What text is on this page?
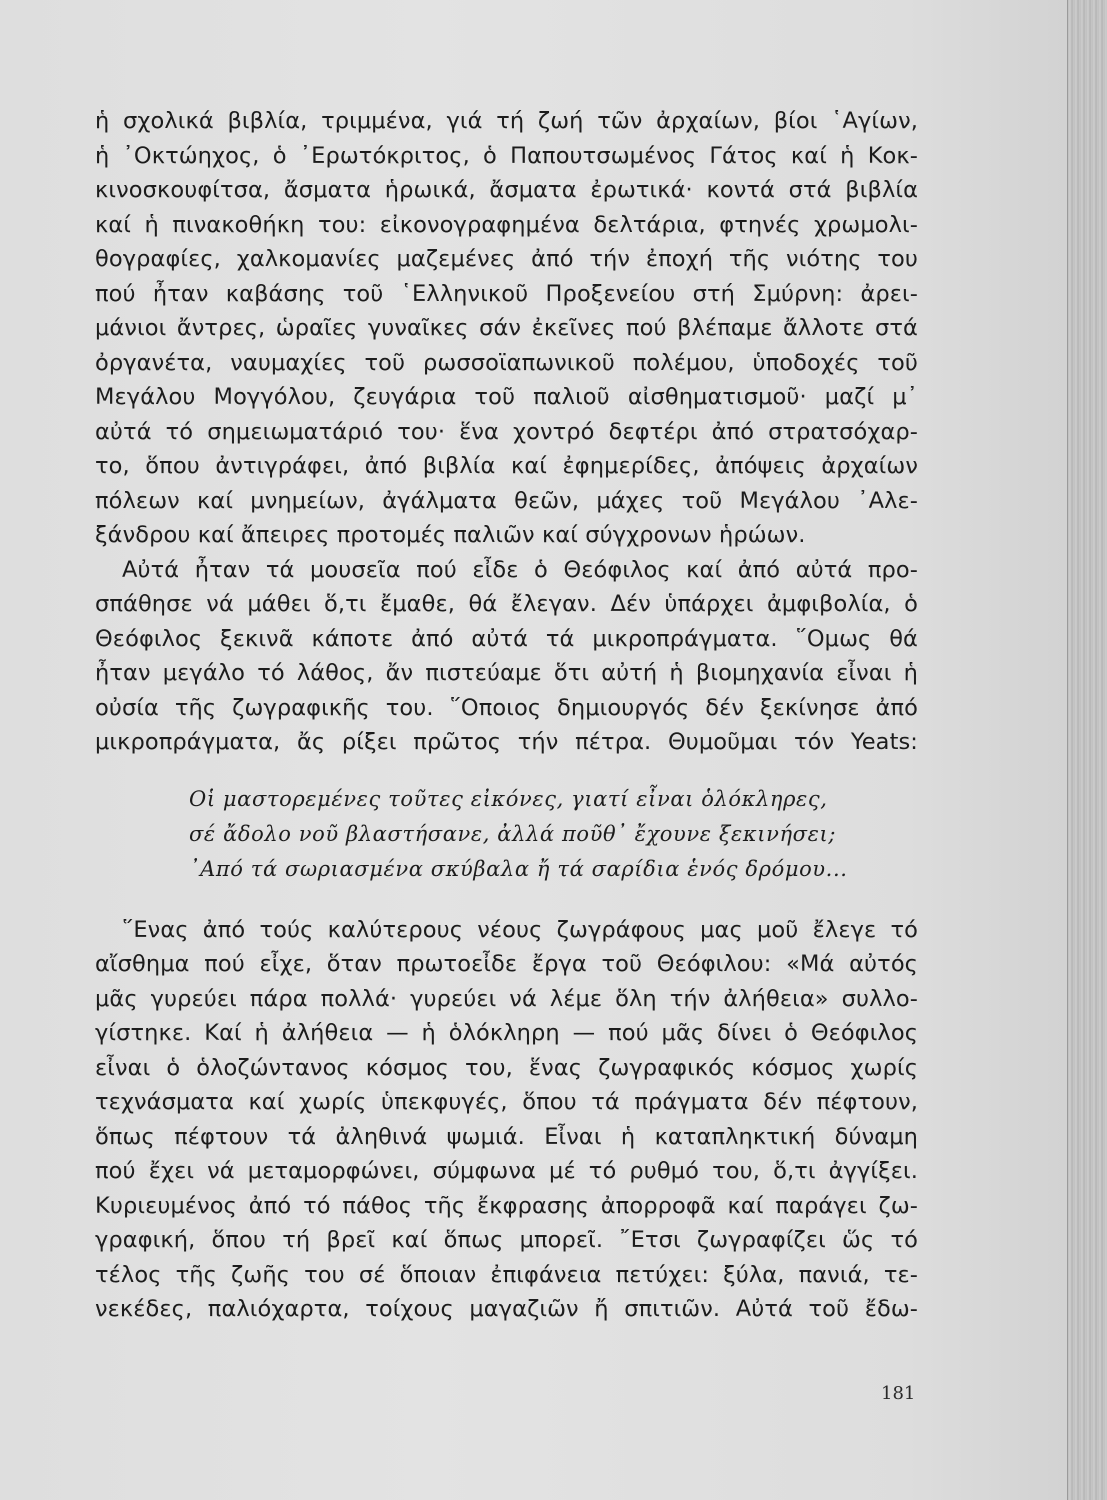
ἡ σχολικά βιβλία, τριμμένα, γιά τή ζωή τῶν ἀρχαίων, βίοι ῾Αγίων,
ἡ ᾿Οκτώηχος, ὁ ᾿Ερωτόκριτος, ὁ Παπουτσωμένος Γάτος καί ἡ Κοκ-
κινοσκουφίτσα, ἄσματα ἡρωικά, ἄσματα ἐρωτικά· κοντά στά βιβλία
καί ἡ πινακοθήκη του: εἰκονογραφημένα δελτάρια, φτηνές χρωμολι-
θογραφίες, χαλκομανίες μαζεμένες ἀπό τήν ἐποχή τῆς νιότης του
πού ἦταν καβάσης τοῦ ῾Ελληνικοῦ Προξενείου στή Σμύρνη: ἀρει-
μάνιοι ἄντρες, ὡραῖες γυναῖκες σάν ἐκεῖνες πού βλέπαμε ἄλλοτε στά
ὀργανέτα, ναυμαχίες τοῦ ρωσσοϊαπωνικοῦ πολέμου, ὑποδοχές τοῦ
Μεγάλου Μογγόλου, ζευγάρια τοῦ παλιοῦ αἰσθηματισμοῦ· μαζί μ᾿
αὐτά τό σημειωματάριό του· ἕνα χοντρό δεφτέρι ἀπό στρατσόχαρ-
το, ὅπου ἀντιγράφει, ἀπό βιβλία καί ἐφημερίδες, ἀπόψεις ἀρχαίων
πόλεων καί μνημείων, ἀγάλματα θεῶν, μάχες τοῦ Μεγάλου ᾿Αλε-
ξάνδρου καί ἄπειρες προτομές παλιῶν καί σύγχρονων ἡρώων.
Αὐτά ἦταν τά μουσεῖα πού εἶδε ὁ Θεόφιλος καί ἀπό αὐτά προ-
σπάθησε νά μάθει ὅ,τι ἔμαθε, θά ἔλεγαν. Δέν ὑπάρχει ἀμφιβολία, ὁ
Θεόφιλος ξεκινᾶ κάποτε ἀπό αὐτά τά μικροπράγματα. ῞Ομως θά
ἦταν μεγάλο τό λάθος, ἄν πιστεύαμε ὅτι αὐτή ἡ βιομηχανία εἶναι ἡ
οὐσία τῆς ζωγραφικῆς του. ῞Οποιος δημιουργός δέν ξεκίνησε ἀπό
μικροπράγματα, ἄς ρίξει πρῶτος τήν πέτρα. Θυμοῦμαι τόν Yeats:
Οἱ μαστορεμένες τοῦτες εἰκόνες, γιατί εἶναι ὁλόκληρες,
σέ ἄδολο νοῦ βλαστήσανε, ἀλλά ποῦθ᾿ ἔχουνε ξεκινήσει;
᾿Από τά σωριασμένα σκύβαλα ἤ τά σαρίδια ἑνός δρόμου...
῞Ενας ἀπό τούς καλύτερους νέους ζωγράφους μας μοῦ ἔλεγε τό
αἴσθημα πού εἶχε, ὅταν πρωτοεἶδε ἔργα τοῦ Θεόφιλου: «Μά αὐτός
μᾶς γυρεύει πάρα πολλά· γυρεύει νά λέμε ὅλη τήν ἀλήθεια» συλλο-
γίστηκε. Καί ἡ ἀλήθεια — ἡ ὁλόκληρη — πού μᾶς δίνει ὁ Θεόφιλος
εἶναι ὁ ὁλοζώντανος κόσμος του, ἕνας ζωγραφικός κόσμος χωρίς
τεχνάσματα καί χωρίς ὑπεκφυγές, ὅπου τά πράγματα δέν πέφτουν,
ὅπως πέφτουν τά ἀληθινά ψωμιά. Εἶναι ἡ καταπληκτική δύναμη
πού ἔχει νά μεταμορφώνει, σύμφωνα μέ τό ρυθμό του, ὅ,τι ἀγγίξει.
Κυριευμένος ἀπό τό πάθος τῆς ἔκφρασης ἀπορροφᾶ καί παράγει ζω-
γραφική, ὅπου τή βρεῖ καί ὅπως μπορεῖ. ῎Ετσι ζωγραφίζει ὥς τό
τέλος τῆς ζωῆς του σέ ὅποιαν ἐπιφάνεια πετύχει: ξύλα, πανιά, τε-
νεκέδες, παλιόχαρτα, τοίχους μαγαζιῶν ἤ σπιτιῶν. Αὐτά τοῦ ἔδω-
181
